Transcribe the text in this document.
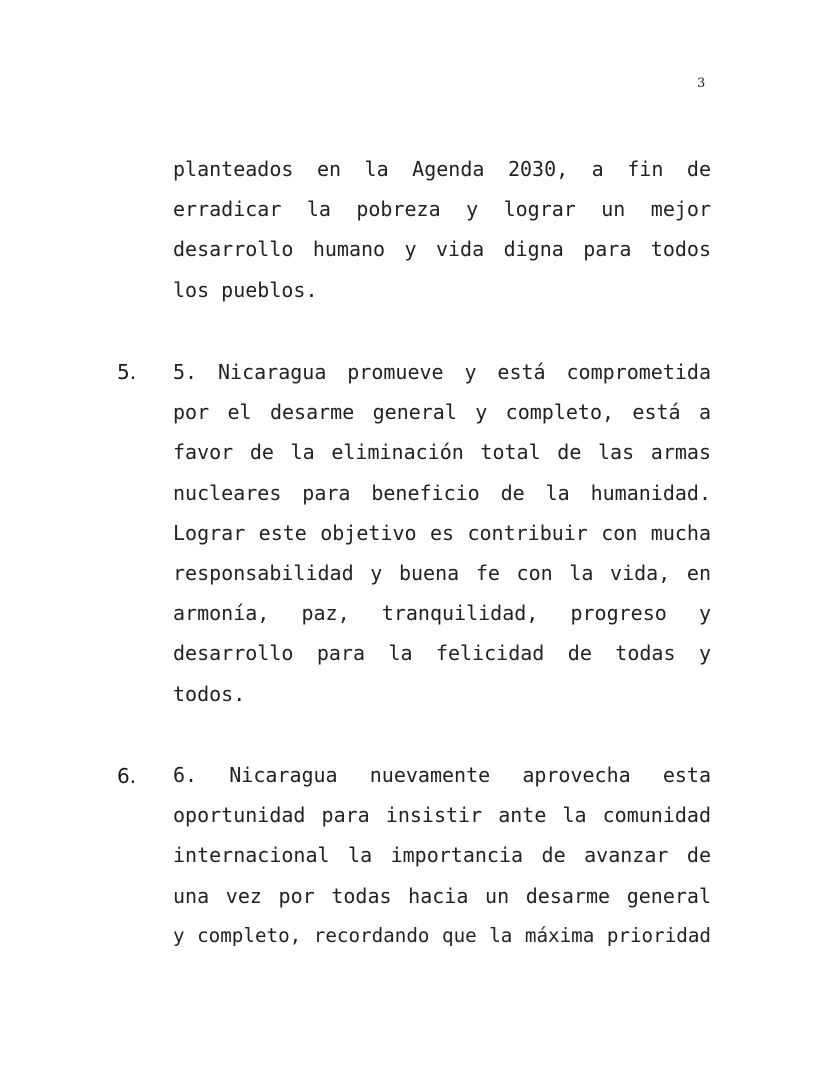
3
planteados en la Agenda 2030, a fin de
erradicar la pobreza y lograr un mejor
desarrollo humano y vida digna para todos
los pueblos.
5. 5. Nicaragua promueve y está comprometida
por el desarme general y completo, está a
favor de la eliminación total de las armas
nucleares para beneficio de la humanidad.
Lograr este objetivo es contribuir con mucha
responsabilidad y buena fe con la vida, en
armonía, paz, tranquilidad, progreso y
desarrollo para la felicidad de todas y
todos.
6. 6. Nicaragua nuevamente aprovecha esta
oportunidad para insistir ante la comunidad
internacional la importancia de avanzar de
una vez por todas hacia un desarme general
y completo, recordando que la máxima prioridad
